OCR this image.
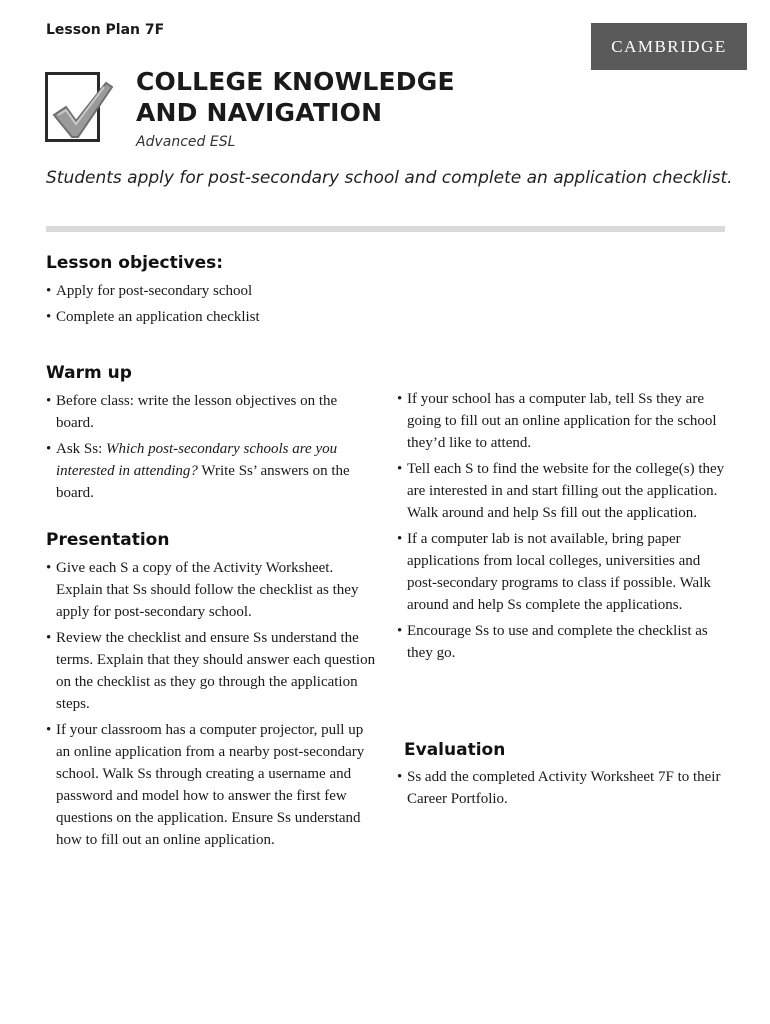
Lesson Plan 7F
CAMBRIDGE
COLLEGE KNOWLEDGE
AND NAVIGATION
Advanced ESL
Students apply for post-secondary school and complete an application checklist.
Lesson objectives:
• Apply for post-secondary school
• Complete an application checklist
Warm up
• Before class: write the lesson objectives on the board.
• Ask Ss: Which post-secondary schools are you interested in attending? Write Ss’ answers on the board.
Presentation
• Give each S a copy of the Activity Worksheet. Explain that Ss should follow the checklist as they apply for post-secondary school.
• Review the checklist and ensure Ss understand the terms. Explain that they should answer each question on the checklist as they go through the application steps.
• If your classroom has a computer projector, pull up an online application from a nearby post-secondary school. Walk Ss through creating a username and password and model how to answer the first few questions on the application. Ensure Ss understand how to fill out an online application.
• If your school has a computer lab, tell Ss they are going to fill out an online application for the school they’d like to attend.
• Tell each S to find the website for the college(s) they are interested in and start filling out the application. Walk around and help Ss fill out the application.
• If a computer lab is not available, bring paper applications from local colleges, universities and post-secondary programs to class if possible. Walk around and help Ss complete the applications.
• Encourage Ss to use and complete the checklist as they go.
Evaluation
• Ss add the completed Activity Worksheet 7F to their Career Portfolio.
